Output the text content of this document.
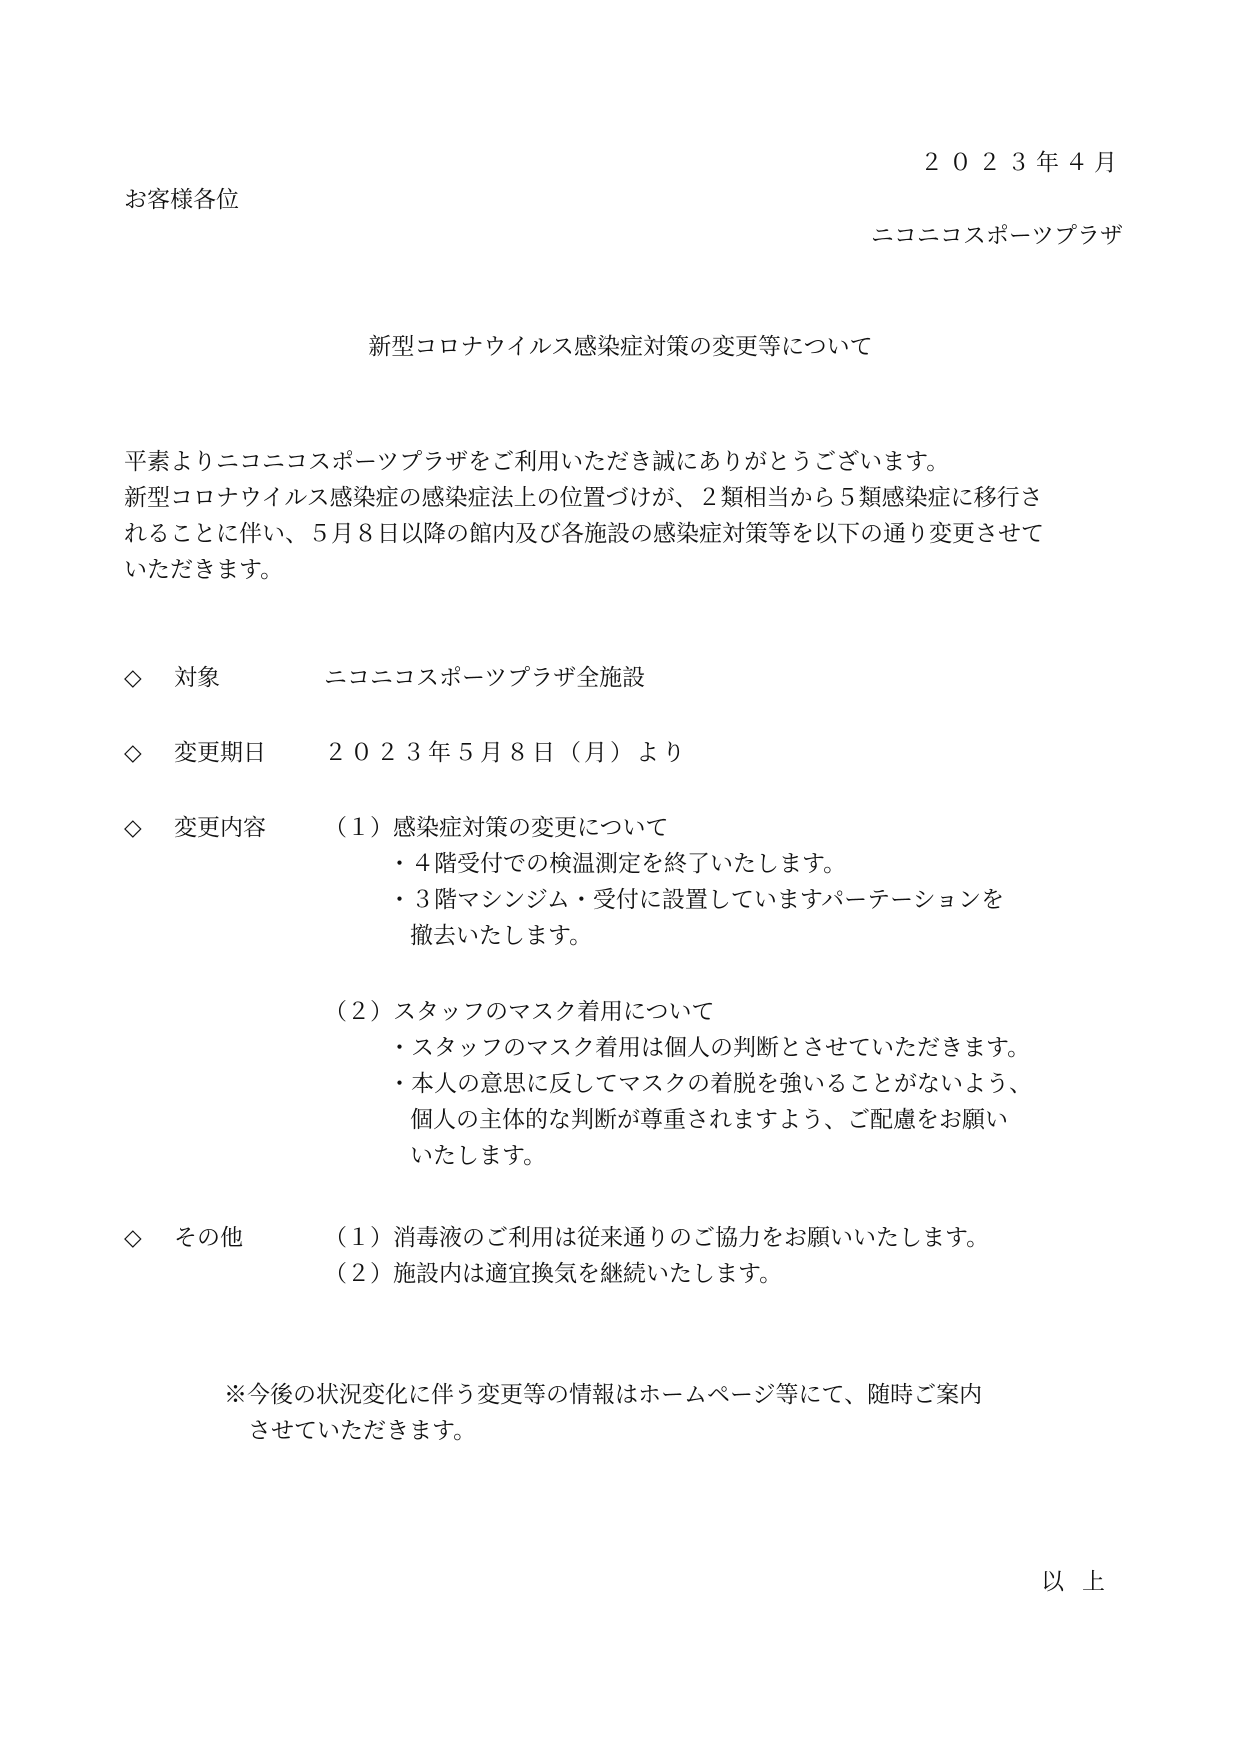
２０２３年４月
お客様各位
ニコニコスポーツプラザ
新型コロナウイルス感染症対策の変更等について

平素よりニコニコスポーツプラザをご利用いただき誠にありがとうございます。

新型コロナウイルス感染症の感染症法上の位置づけが、２類相当から５類感染症に移行さ

れることに伴い、５月８日以降の館内及び各施設の感染症対策等を以下の通り変更させて

いただきます。

◇	対象	ニコニコスポーツプラザ全施設
◇	変更期日	２０２３年５月８日（月）より
◇	変更内容	（１）感染症対策の変更について
・４階受付での検温測定を終了いたします。
・３階マシンジム・受付に設置していますパーテーションを
撤去いたします。
（２）スタッフのマスク着用について
・スタッフのマスク着用は個人の判断とさせていただきます。
・本人の意思に反してマスクの着脱を強いることがないよう、
個人の主体的な判断が尊重されますよう、ご配慮をお願い
いたします。
◇	その他	（１）消毒液のご利用は従来通りのご協力をお願いいたします。
（２）施設内は適宜換気を継続いたします。
※今後の状況変化に伴う変更等の情報はホームページ等にて、随時ご案内
させていただきます。
以上
